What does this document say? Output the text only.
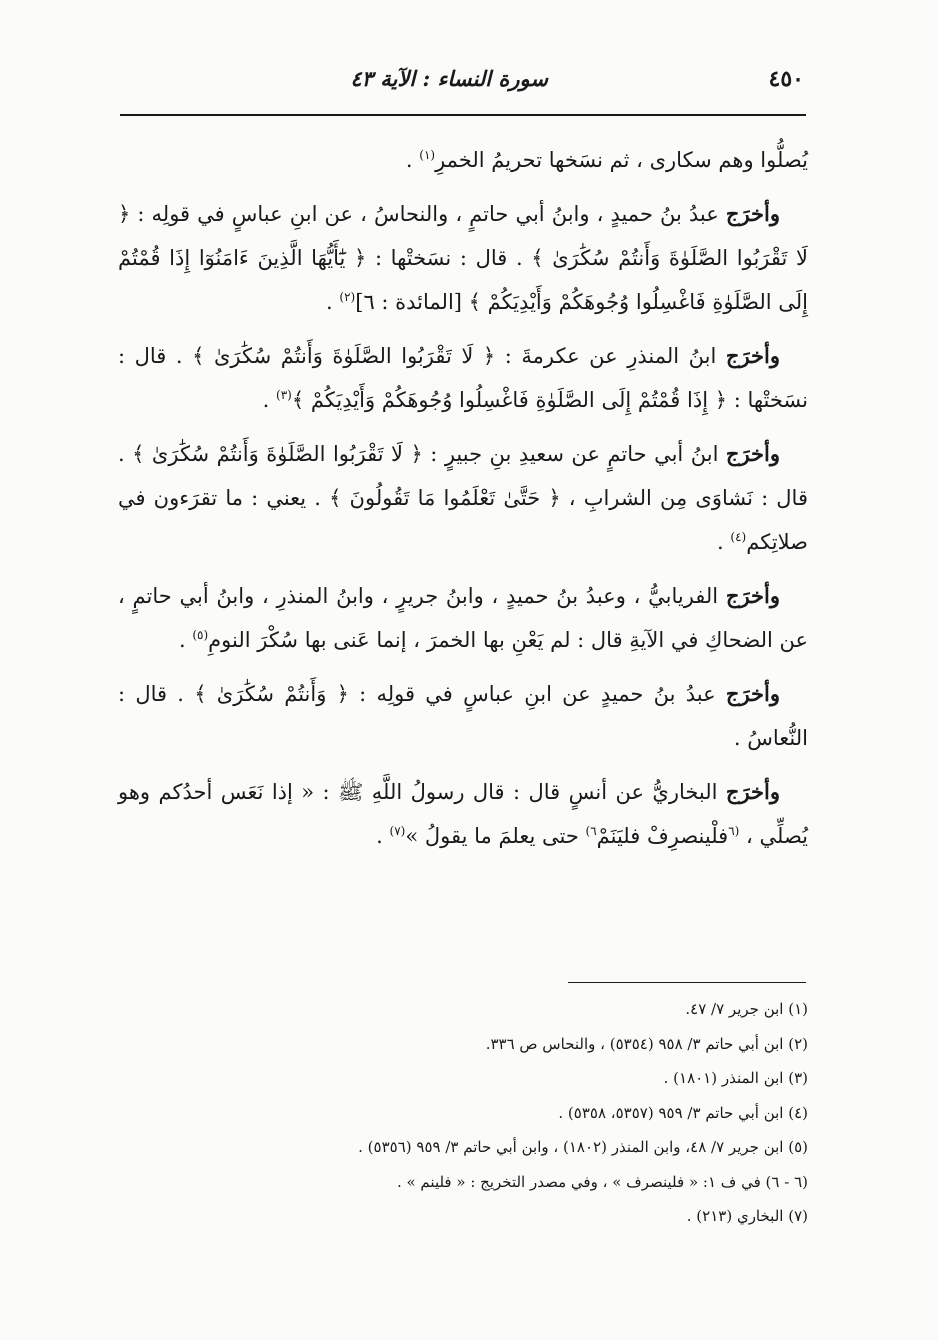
٤٥٠
سورة النساء : الآية ٤٣

يُصلُّوا وهم سكارى ، ثم نسَخها تحريمُ الخمرِ$^{(١)}$ .

وأخرَج عبدُ بنُ حميدٍ ، وابنُ أبي حاتمٍ ، والنحاسُ ، عن ابنِ عباسٍ في قولِه : ﴿ لَا تَقْرَبُوا الصَّلَوٰةَ وَأَنتُمْ سُكَٰرَىٰ ﴾ . قال : نسَختْها : ﴿ يَٰٓأَيُّهَا الَّذِينَ ءَامَنُوٓا إِذَا قُمْتُمْ إِلَى الصَّلَوٰةِ فَاغْسِلُوا وُجُوهَكُمْ وَأَيْدِيَكُمْ ﴾ [المائدة : ٦]$^{(٢)}$ .

وأخرَج ابنُ المنذرِ عن عكرمةَ : ﴿ لَا تَقْرَبُوا الصَّلَوٰةَ وَأَنتُمْ سُكَٰرَىٰ ﴾ . قال : نسَختْها : ﴿ إِذَا قُمْتُمْ إِلَى الصَّلَوٰةِ فَاغْسِلُوا وُجُوهَكُمْ وَأَيْدِيَكُمْ ﴾$^{(٣)}$ .

وأخرَج ابنُ أبي حاتمٍ عن سعيدِ بنِ جبيرٍ : ﴿ لَا تَقْرَبُوا الصَّلَوٰةَ وَأَنتُمْ سُكَٰرَىٰ ﴾ . قال : نَشاوَى مِن الشرابِ ، ﴿ حَتَّىٰ تَعْلَمُوا مَا تَقُولُونَ ﴾ . يعني : ما تقرَءون في صلاتِكم$^{(٤)}$ .

وأخرَج الفريابيُّ ، وعبدُ بنُ حميدٍ ، وابنُ جريرٍ ، وابنُ المنذرِ ، وابنُ أبي حاتمٍ ، عن الضحاكِ في الآيةِ قال : لم يَعْنِ بها الخمرَ ، إنما عَنى بها سُكْرَ النومِ$^{(٥)}$ .

وأخرَج عبدُ بنُ حميدٍ عن ابنِ عباسٍ في قولِه : ﴿ وَأَنتُمْ سُكَٰرَىٰ ﴾ . قال : النُّعاسُ .

وأخرَج البخاريُّ عن أنسٍ قال : قال رسولُ اللَّهِ ﷺ : « إذا نَعَس أحدُكم وهو يُصلِّي ، $^{(٦}$فلْينصرِفْ فليَنَمْ$^{٦)}$ حتى يعلمَ ما يقولُ »$^{(٧)}$ .

(١) ابن جرير ٧/ ٤٧.

(٢) ابن أبي حاتم ٣/ ٩٥٨ (٥٣٥٤) ، والنحاس ص ٣٣٦.

(٣) ابن المنذر (١٨٠١) .

(٤) ابن أبي حاتم ٣/ ٩٥٩ (٥٣٥٧، ٥٣٥٨) .

(٥) ابن جرير ٧/ ٤٨، وابن المنذر (١٨٠٢) ، وابن أبي حاتم ٣/ ٩٥٩ (٥٣٥٦) .

(٦ - ٦) في ف ١: « فلينصرف » ، وفي مصدر التخريج : « فلينم » .

(٧) البخاري (٢١٣) .
